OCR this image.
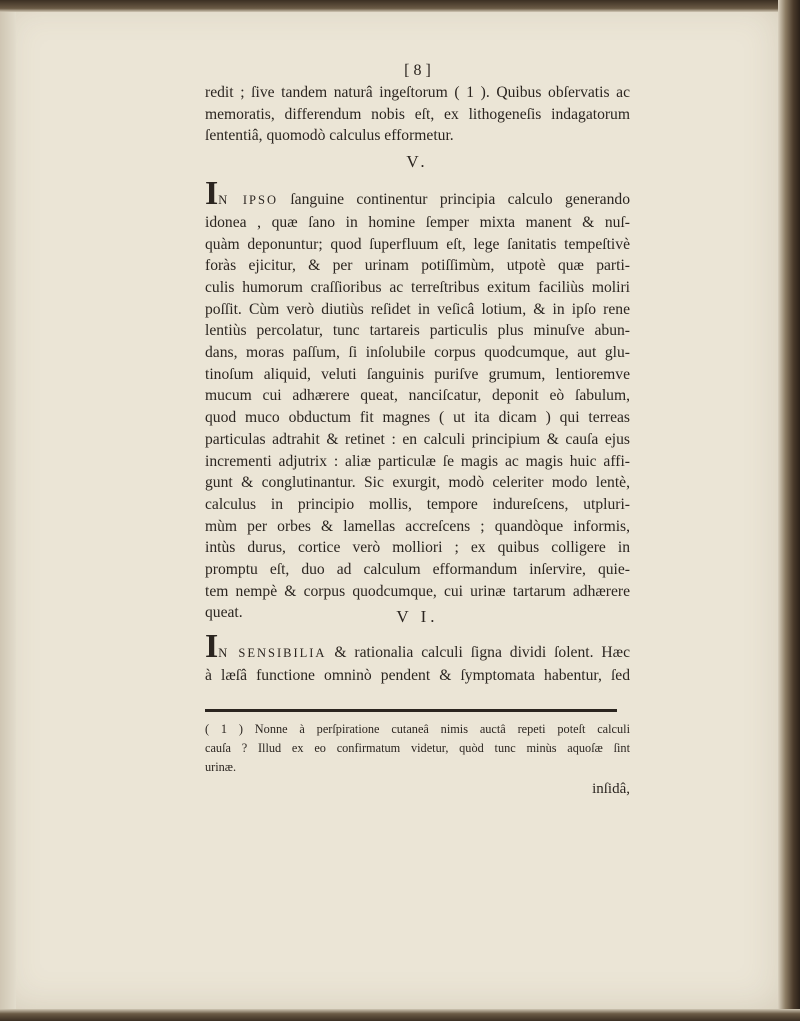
[ 8 ]

redit ; ſive tandem naturâ ingeſtorum ( 1 ). Quibus obſervatis ac
memoratis, differendum nobis eſt, ex lithogeneſis indagatorum
ſententiâ, quomodò calculus efformetur.

V.

IN IPSO ſanguine continentur principia calculo generando
idonea , quæ ſano in homine ſemper mixta manent & nuſ-
quàm deponuntur; quod ſuperfluum eſt, lege ſanitatis tempeſtivè
foràs ejicitur, & per urinam potiſſimùm, utpotè quæ parti-
culis humorum craſſioribus ac terreſtribus exitum faciliùs moliri
poſſit. Cùm verò diutiùs reſidet in veſicâ lotium, & in ipſo rene
lentiùs percolatur, tunc tartareis particulis plus minuſve abun-
dans, moras paſſum, ſi inſolubile corpus quodcumque, aut glu-
tinoſum aliquid, veluti ſanguinis puriſve grumum, lentioremve
mucum cui adhærere queat, nanciſcatur, deponit eò ſabulum,
quod muco obductum fit magnes ( ut ita dicam ) qui terreas
particulas adtrahit & retinet : en calculi principium & cauſa ejus
incrementi adjutrix : aliæ particulæ ſe magis ac magis huic affi-
gunt & conglutinantur. Sic exurgit, modò celeriter modo lentè,
calculus in principio mollis, tempore indureſcens, utpluri-
mùm per orbes & lamellas accreſcens ; quandòque informis,
intùs durus, cortice verò molliori ; ex quibus colligere in
promptu eſt, duo ad calculum efformandum inſervire, quie-
tem nempè & corpus quodcumque, cui urinæ tartarum adhærere
queat.	V I.

IN SENSIBILIA & rationalia calculi ſigna dividi ſolent. Hæc
à læſâ functione omninò pendent & ſymptomata habentur, ſed

( 1 ) Nonne à perſpiratione cutaneâ nimis auctâ repeti poteſt calculi
cauſa ? Illud ex eo confirmatum videtur, quòd tunc minùs aquoſæ ſint
urinæ.

inſidâ,
